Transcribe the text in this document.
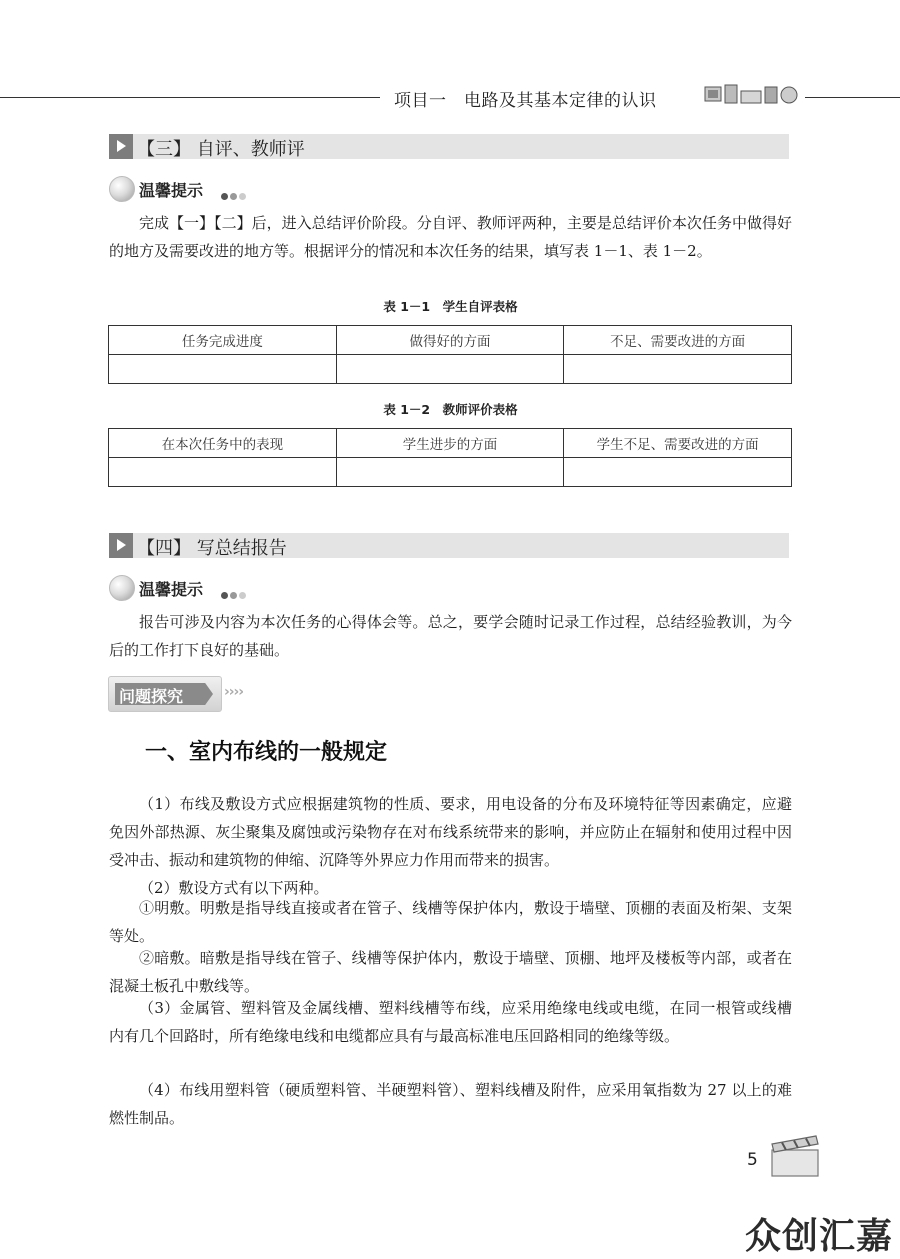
项目一　电路及其基本定律的认识
【三】 自评、教师评
温馨提示
完成【一】【二】后，进入总结评价阶段。分自评、教师评两种，主要是总结评价本次任务中做得好的地方及需要改进的地方等。根据评分的情况和本次任务的结果，填写表 1－1、表 1－2。
表 1－1　学生自评表格
任务完成进度	做得好的方面	不足、需要改进的方面

表 1－2　教师评价表格
在本次任务中的表现	学生进步的方面	学生不足、需要改进的方面

【四】 写总结报告
温馨提示
报告可涉及内容为本次任务的心得体会等。总之，要学会随时记录工作过程，总结经验教训，为今后的工作打下良好的基础。
问题探究	››››
一、室内布线的一般规定
（1）布线及敷设方式应根据建筑物的性质、要求，用电设备的分布及环境特征等因素确定，应避免因外部热源、灰尘聚集及腐蚀或污染物存在对布线系统带来的影响，并应防止在辐射和使用过程中因受冲击、振动和建筑物的伸缩、沉降等外界应力作用而带来的损害。
（2）敷设方式有以下两种。
①明敷。明敷是指导线直接或者在管子、线槽等保护体内，敷设于墙壁、顶棚的表面及桁架、支架等处。
②暗敷。暗敷是指导线在管子、线槽等保护体内，敷设于墙壁、顶棚、地坪及楼板等内部，或者在混凝土板孔中敷线等。
（3）金属管、塑料管及金属线槽、塑料线槽等布线，应采用绝缘电线或电缆，在同一根管或线槽内有几个回路时，所有绝缘电线和电缆都应具有与最高标准电压回路相同的绝缘等级。
（4）布线用塑料管（硬质塑料管、半硬塑料管）、塑料线槽及附件，应采用氧指数为 27 以上的难燃性制品。
5
众创汇嘉
